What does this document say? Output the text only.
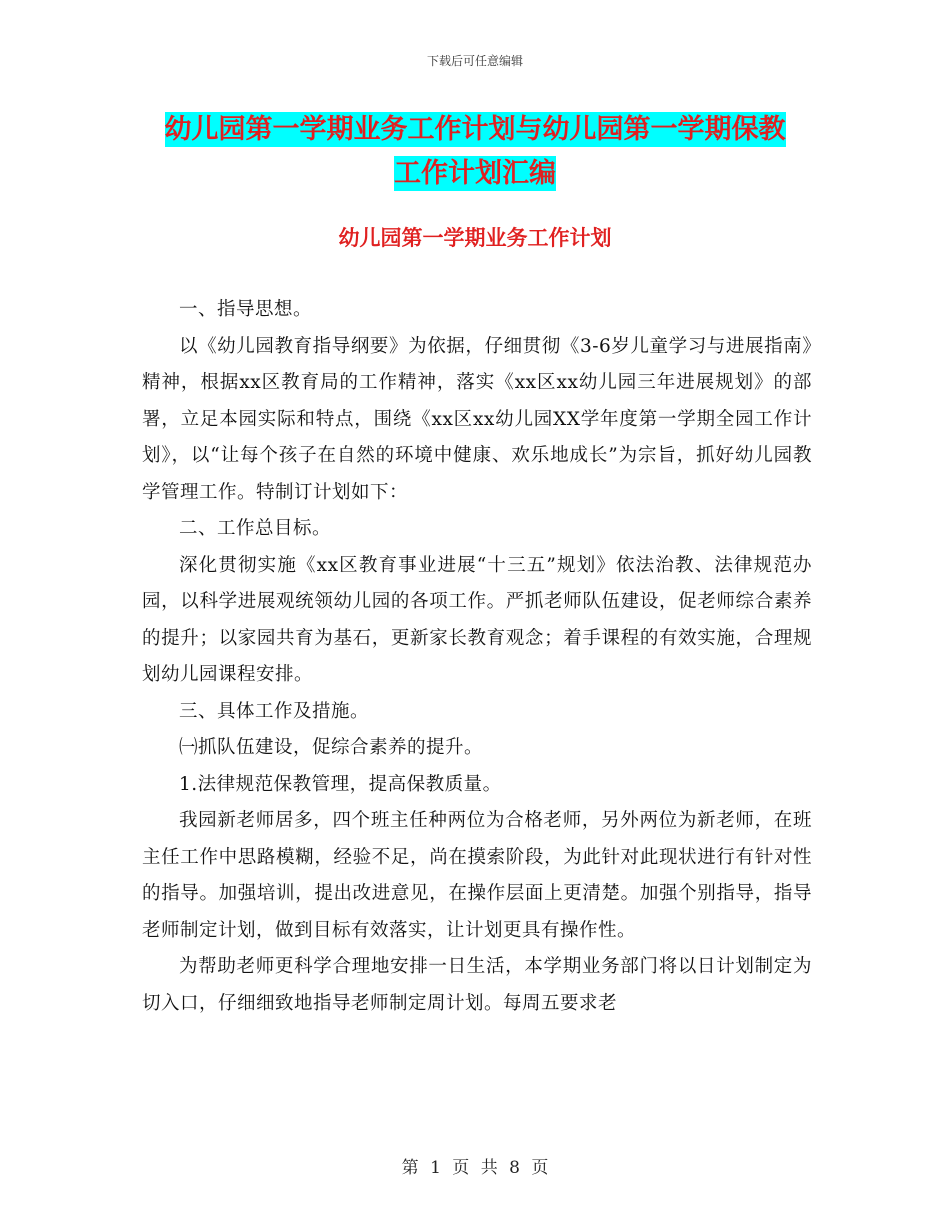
下载后可任意编辑
幼儿园第一学期业务工作计划与幼儿园第一学期保教
工作计划汇编
幼儿园第一学期业务工作计划

一、指导思想。

以《幼儿园教育指导纲要》为依据，仔细贯彻《3-6岁儿童学习与进展指南》精神，根据xx区教育局的工作精神，落实《xx区xx幼儿园三年进展规划》的部署，立足本园实际和特点，围绕《xx区xx幼儿园XX学年度第一学期全园工作计划》，以“让每个孩子在自然的环境中健康、欢乐地成长”为宗旨，抓好幼儿园教学管理工作。特制订计划如下：

二、工作总目标。

深化贯彻实施《xx区教育事业进展“十三五”规划》依法治教、法律规范办园，以科学进展观统领幼儿园的各项工作。严抓老师队伍建设，促老师综合素养的提升；以家园共育为基石，更新家长教育观念；着手课程的有效实施，合理规划幼儿园课程安排。

三、具体工作及措施。

㈠抓队伍建设，促综合素养的提升。

1.法律规范保教管理，提高保教质量。

我园新老师居多，四个班主任种两位为合格老师，另外两位为新老师，在班主任工作中思路模糊，经验不足，尚在摸索阶段，为此针对此现状进行有针对性的指导。加强培训，提出改进意见，在操作层面上更清楚。加强个别指导，指导老师制定计划，做到目标有效落实，让计划更具有操作性。

为帮助老师更科学合理地安排一日生活，本学期业务部门将以日计划制定为切入口，仔细细致地指导老师制定周计划。每周五要求老

第 1 页 共 8 页
